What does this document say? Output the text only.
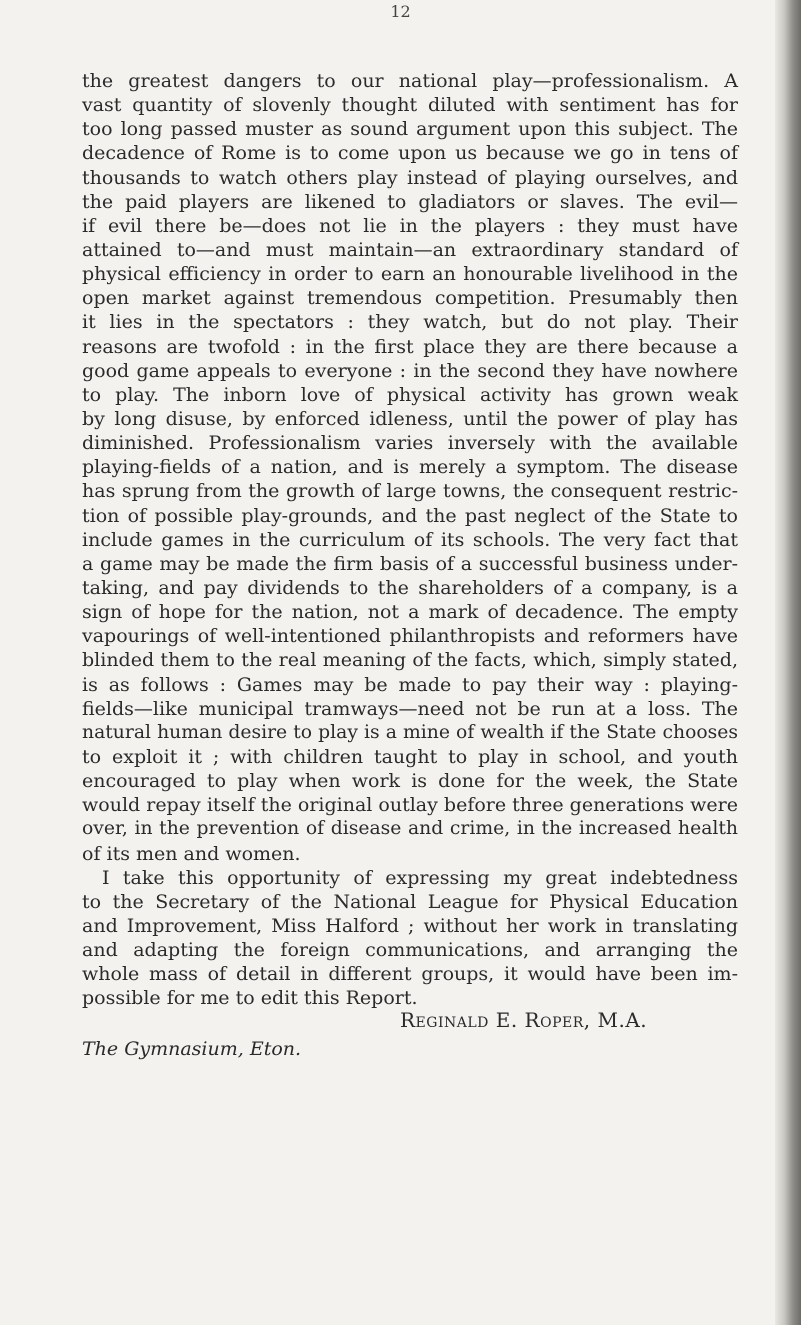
12
the greatest dangers to our national play—professionalism. A
vast quantity of slovenly thought diluted with sentiment has for
too long passed muster as sound argument upon this subject. The
decadence of Rome is to come upon us because we go in tens of
thousands to watch others play instead of playing ourselves, and
the paid players are likened to gladiators or slaves. The evil—
if evil there be—does not lie in the players : they must have
attained to—and must maintain—an extraordinary standard of
physical efficiency in order to earn an honourable livelihood in the
open market against tremendous competition. Presumably then
it lies in the spectators : they watch, but do not play. Their
reasons are twofold : in the first place they are there because a
good game appeals to everyone : in the second they have nowhere
to play. The inborn love of physical activity has grown weak
by long disuse, by enforced idleness, until the power of play has
diminished. Professionalism varies inversely with the available
playing-fields of a nation, and is merely a symptom. The disease
has sprung from the growth of large towns, the consequent restric-
tion of possible play-grounds, and the past neglect of the State to
include games in the curriculum of its schools. The very fact that
a game may be made the firm basis of a successful business under-
taking, and pay dividends to the shareholders of a company, is a
sign of hope for the nation, not a mark of decadence. The empty
vapourings of well-intentioned philanthropists and reformers have
blinded them to the real meaning of the facts, which, simply stated,
is as follows : Games may be made to pay their way : playing-
fields—like municipal tramways—need not be run at a loss. The
natural human desire to play is a mine of wealth if the State chooses
to exploit it ; with children taught to play in school, and youth
encouraged to play when work is done for the week, the State
would repay itself the original outlay before three generations were
over, in the prevention of disease and crime, in the increased health
of its men and women.
I take this opportunity of expressing my great indebtedness
to the Secretary of the National League for Physical Education
and Improvement, Miss Halford ; without her work in translating
and adapting the foreign communications, and arranging the
whole mass of detail in different groups, it would have been im-
possible for me to edit this Report.
Reginald E. Roper, M.A.
The Gymnasium, Eton.
